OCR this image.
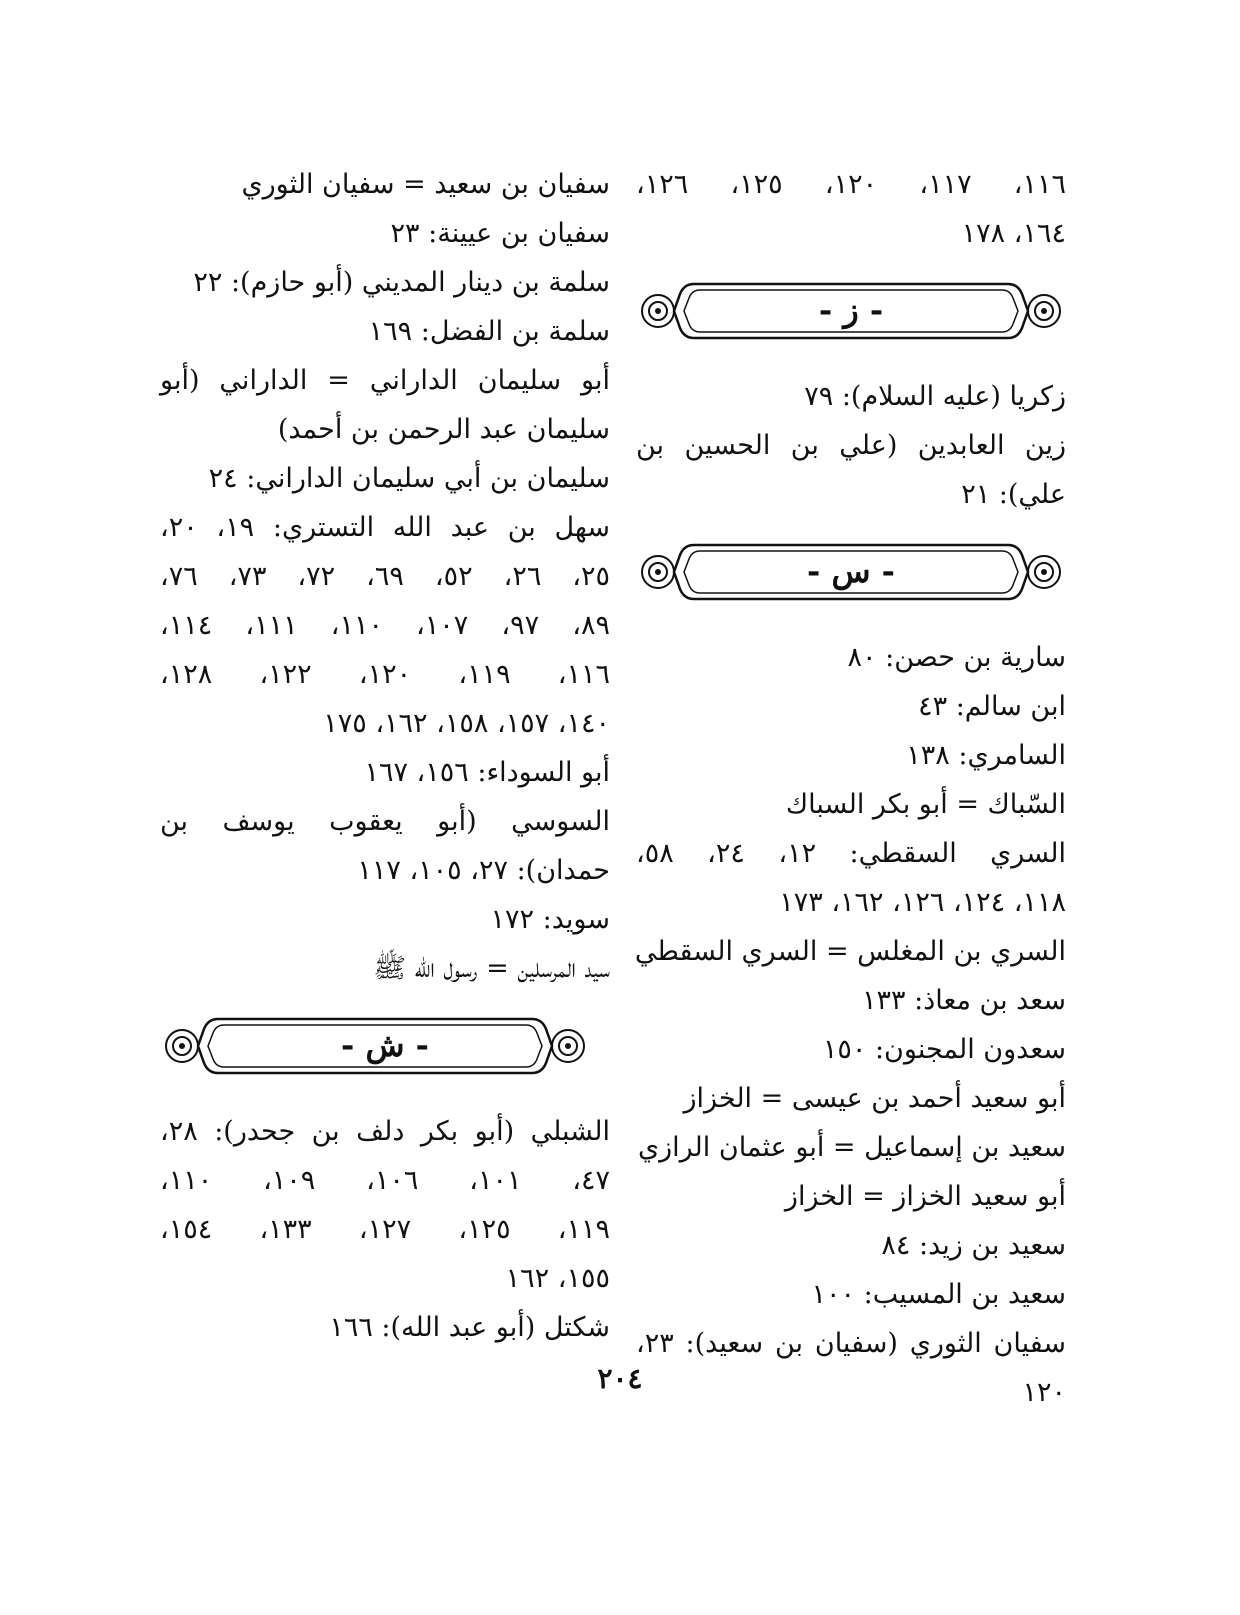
١١٦، ١١٧، ١٢٠، ١٢٥، ١٢٦،
١٦٤، ١٧٨
- ز -
زكريا (عليه السلام): ٧٩
زين العابدين (علي بن الحسين بن
علي): ٢١
- س -
سارية بن حصن: ٨٠
ابن سالم: ٤٣
السامري: ١٣٨
السّباك = أبو بكر السباك
السري السقطي: ١٢، ٢٤، ٥٨،
١١٨، ١٢٤، ١٢٦، ١٦٢، ١٧٣
السري بن المغلس = السري السقطي
سعد بن معاذ: ١٣٣
سعدون المجنون: ١٥٠
أبو سعيد أحمد بن عيسى = الخزاز
سعيد بن إسماعيل = أبو عثمان الرازي
أبو سعيد الخزاز = الخزاز
سعيد بن زيد: ٨٤
سعيد بن المسيب: ١٠٠
سفيان الثوري (سفيان بن سعيد): ٢٣،
١٢٠
سفيان بن سعيد = سفيان الثوري
سفيان بن عيينة: ٢٣
سلمة بن دينار المديني (أبو حازم): ٢٢
سلمة بن الفضل: ١٦٩
أبو سليمان الداراني = الداراني (أبو
سليمان عبد الرحمن بن أحمد)
سليمان بن أبي سليمان الداراني: ٢٤
سهل بن عبد الله التستري: ١٩، ٢٠،
٢٥، ٢٦، ٥٢، ٦٩، ٧٢، ٧٣، ٧٦،
٨٩، ٩٧، ١٠٧، ١١٠، ١١١، ١١٤،
١١٦، ١١٩، ١٢٠، ١٢٢، ١٢٨،
١٤٠، ١٥٧، ١٥٨، ١٦٢، ١٧٥
أبو السوداء: ١٥٦، ١٦٧
السوسي (أبو يعقوب يوسف بن
حمدان): ٢٧، ١٠٥، ١١٧
سويد: ١٧٢
سيد المرسلين = رسول الله ﷺ
- ش -
الشبلي (أبو بكر دلف بن جحدر): ٢٨،
٤٧، ١٠١، ١٠٦، ١٠٩، ١١٠،
١١٩، ١٢٥، ١٢٧، ١٣٣، ١٥٤،
١٥٥، ١٦٢
شكتل (أبو عبد الله): ١٦٦
٢٠٤
